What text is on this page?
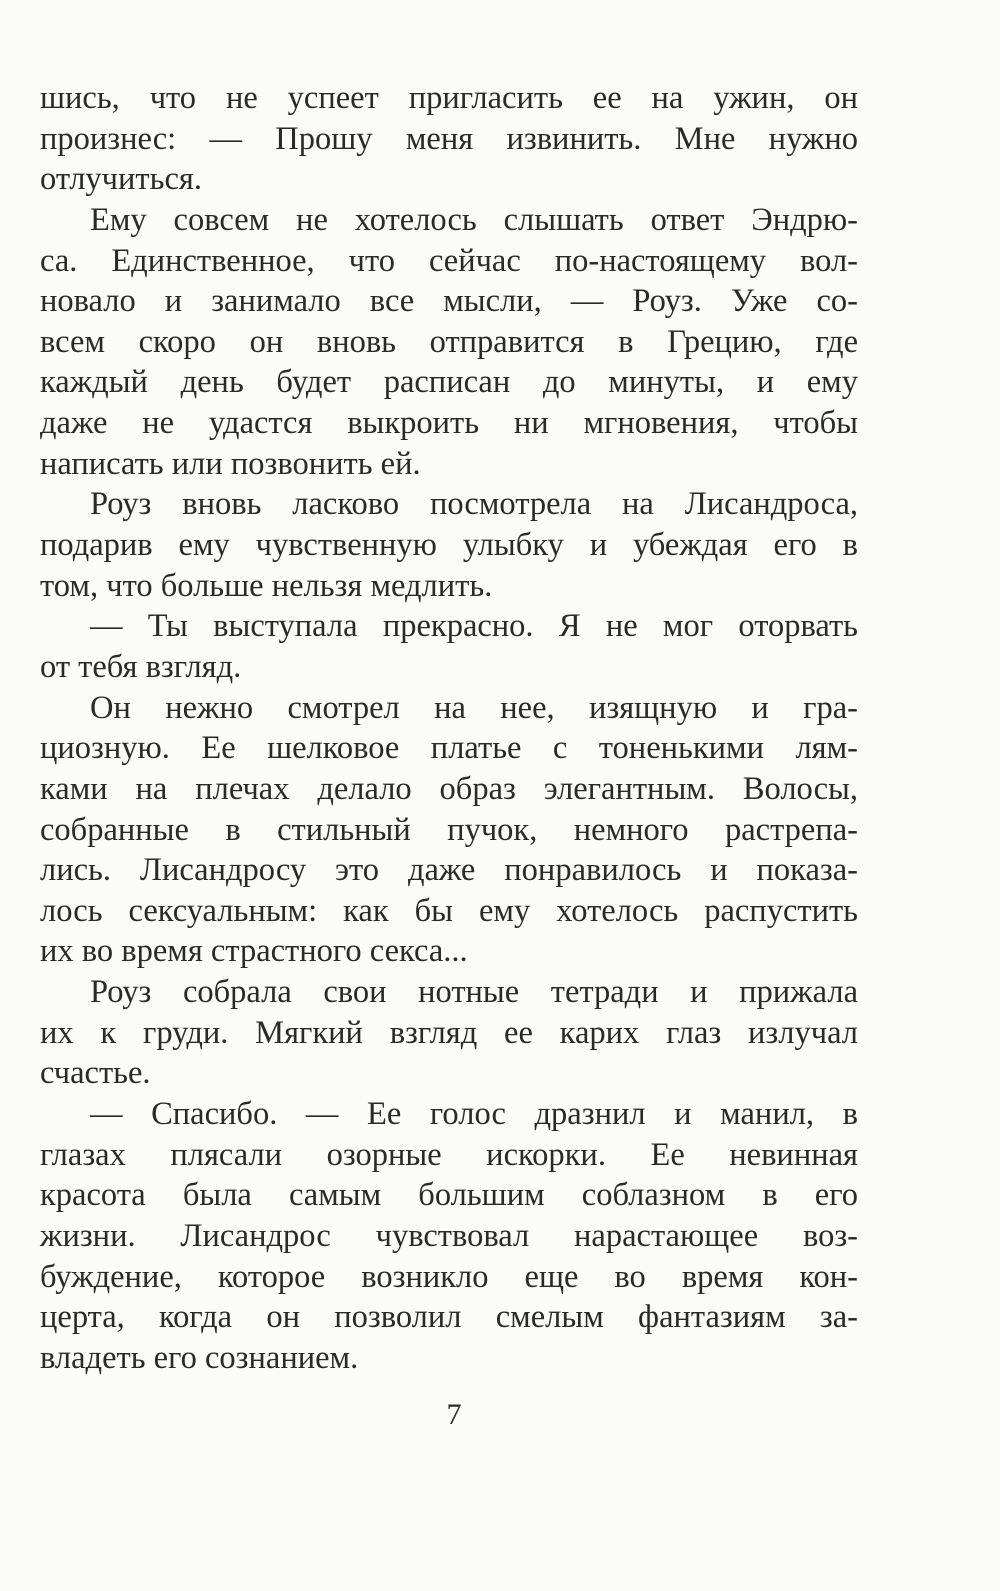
шись, что не успеет пригласить ее на ужин, он
произнес: — Прошу меня извинить. Мне нужно
отлучиться.
Ему совсем не хотелось слышать ответ Эндрю-
са. Единственное, что сейчас по-настоящему вол-
новало и занимало все мысли, — Роуз. Уже со-
всем скоро он вновь отправится в Грецию, где
каждый день будет расписан до минуты, и ему
даже не удастся выкроить ни мгновения, чтобы
написать или позвонить ей.
Роуз вновь ласково посмотрела на Лисандроса,
подарив ему чувственную улыбку и убеждая его в
том, что больше нельзя медлить.
— Ты выступала прекрасно. Я не мог оторвать
от тебя взгляд.
Он нежно смотрел на нее, изящную и гра-
циозную. Ее шелковое платье с тоненькими лям-
ками на плечах делало образ элегантным. Волосы,
собранные в стильный пучок, немного растрепа-
лись. Лисандросу это даже понравилось и показа-
лось сексуальным: как бы ему хотелось распустить
их во время страстного секса...
Роуз собрала свои нотные тетради и прижала
их к груди. Мягкий взгляд ее карих глаз излучал
счастье.
— Спасибо. — Ее голос дразнил и манил, в
глазах плясали озорные искорки. Ее невинная
красота была самым большим соблазном в его
жизни. Лисандрос чувствовал нарастающее воз-
буждение, которое возникло еще во время кон-
церта, когда он позволил смелым фантазиям за-
владеть его сознанием.
7
